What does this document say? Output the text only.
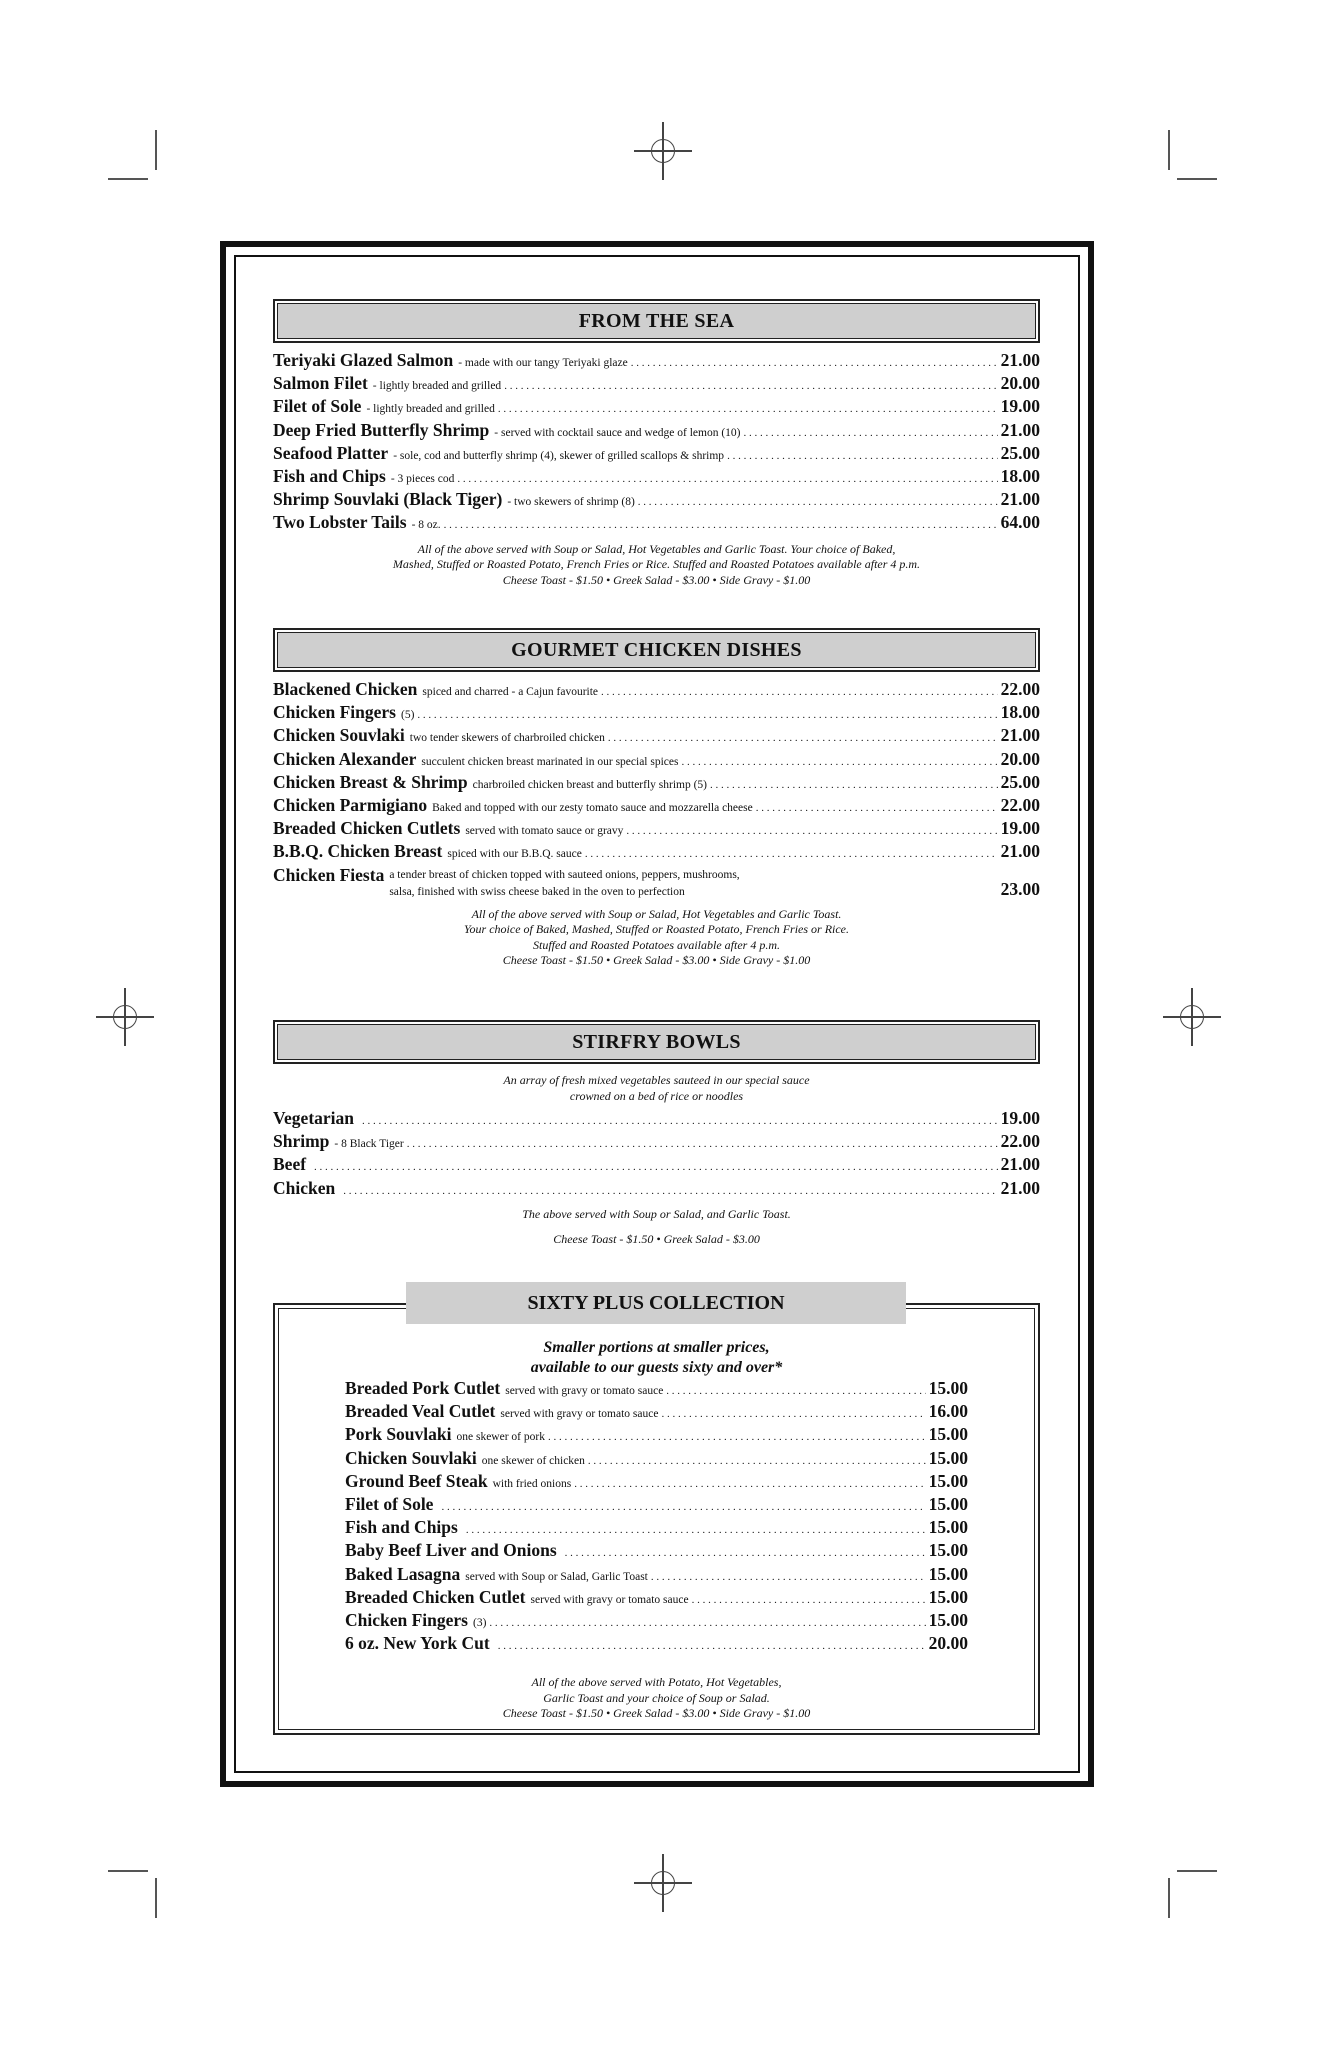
FROM THE SEA
Teriyaki Glazed Salmon - made with our tangy Teriyaki glaze . . .	21.00
Salmon Filet - lightly breaded and grilled . . .	20.00
Filet of Sole - lightly breaded and grilled . . .	19.00
Deep Fried Butterfly Shrimp - served with cocktail sauce and wedge of lemon (10) . . .	21.00
Seafood Platter - sole, cod and butterfly shrimp (4), skewer of grilled scallops & shrimp . . .	25.00
Fish and Chips - 3 pieces cod . . .	18.00
Shrimp Souvlaki (Black Tiger) - two skewers of shrimp (8) . . .	21.00
Two Lobster Tails - 8 oz. . . .	64.00
All of the above served with Soup or Salad, Hot Vegetables and Garlic Toast. Your choice of Baked,
Mashed, Stuffed or Roasted Potato, French Fries or Rice. Stuffed and Roasted Potatoes available after 4 p.m.
Cheese Toast - $1.50 • Greek Salad - $3.00 • Side Gravy - $1.00
GOURMET CHICKEN DISHES
Blackened Chicken spiced and charred - a Cajun favourite . . .	22.00
Chicken Fingers (5) . . .	18.00
Chicken Souvlaki two tender skewers of charbroiled chicken . . .	21.00
Chicken Alexander succulent chicken breast marinated in our special spices . . .	20.00
Chicken Breast & Shrimp charbroiled chicken breast and butterfly shrimp (5) . . .	25.00
Chicken Parmigiano Baked and topped with our zesty tomato sauce and mozzarella cheese . . .	22.00
Breaded Chicken Cutlets served with tomato sauce or gravy . . .	19.00
B.B.Q. Chicken Breast spiced with our B.B.Q. sauce . . .	21.00
Chicken Fiesta a tender breast of chicken topped with sauteed onions, peppers, mushrooms,
salsa, finished with swiss cheese baked in the oven to perfection	23.00
All of the above served with Soup or Salad, Hot Vegetables and Garlic Toast.
Your choice of Baked, Mashed, Stuffed or Roasted Potato, French Fries or Rice.
Stuffed and Roasted Potatoes available after 4 p.m.
Cheese Toast - $1.50 • Greek Salad - $3.00 • Side Gravy - $1.00
STIRFRY BOWLS
An array of fresh mixed vegetables sauteed in our special sauce
crowned on a bed of rice or noodles
Vegetarian . . .	19.00
Shrimp - 8 Black Tiger . . .	22.00
Beef . . .	21.00
Chicken . . .	21.00
The above served with Soup or Salad, and Garlic Toast.
Cheese Toast - $1.50 • Greek Salad - $3.00
SIXTY PLUS COLLECTION
Smaller portions at smaller prices,
available to our guests sixty and over*
Breaded Pork Cutlet served with gravy or tomato sauce . . .	15.00
Breaded Veal Cutlet served with gravy or tomato sauce . . .	16.00
Pork Souvlaki one skewer of pork . . .	15.00
Chicken Souvlaki one skewer of chicken . . .	15.00
Ground Beef Steak with fried onions . . .	15.00
Filet of Sole . . .	15.00
Fish and Chips . . .	15.00
Baby Beef Liver and Onions . . .	15.00
Baked Lasagna served with Soup or Salad, Garlic Toast . . .	15.00
Breaded Chicken Cutlet served with gravy or tomato sauce . . .	15.00
Chicken Fingers (3) . . .	15.00
6 oz. New York Cut . . .	20.00
All of the above served with Potato, Hot Vegetables,
Garlic Toast and your choice of Soup or Salad.
Cheese Toast - $1.50 • Greek Salad - $3.00 • Side Gravy - $1.00
